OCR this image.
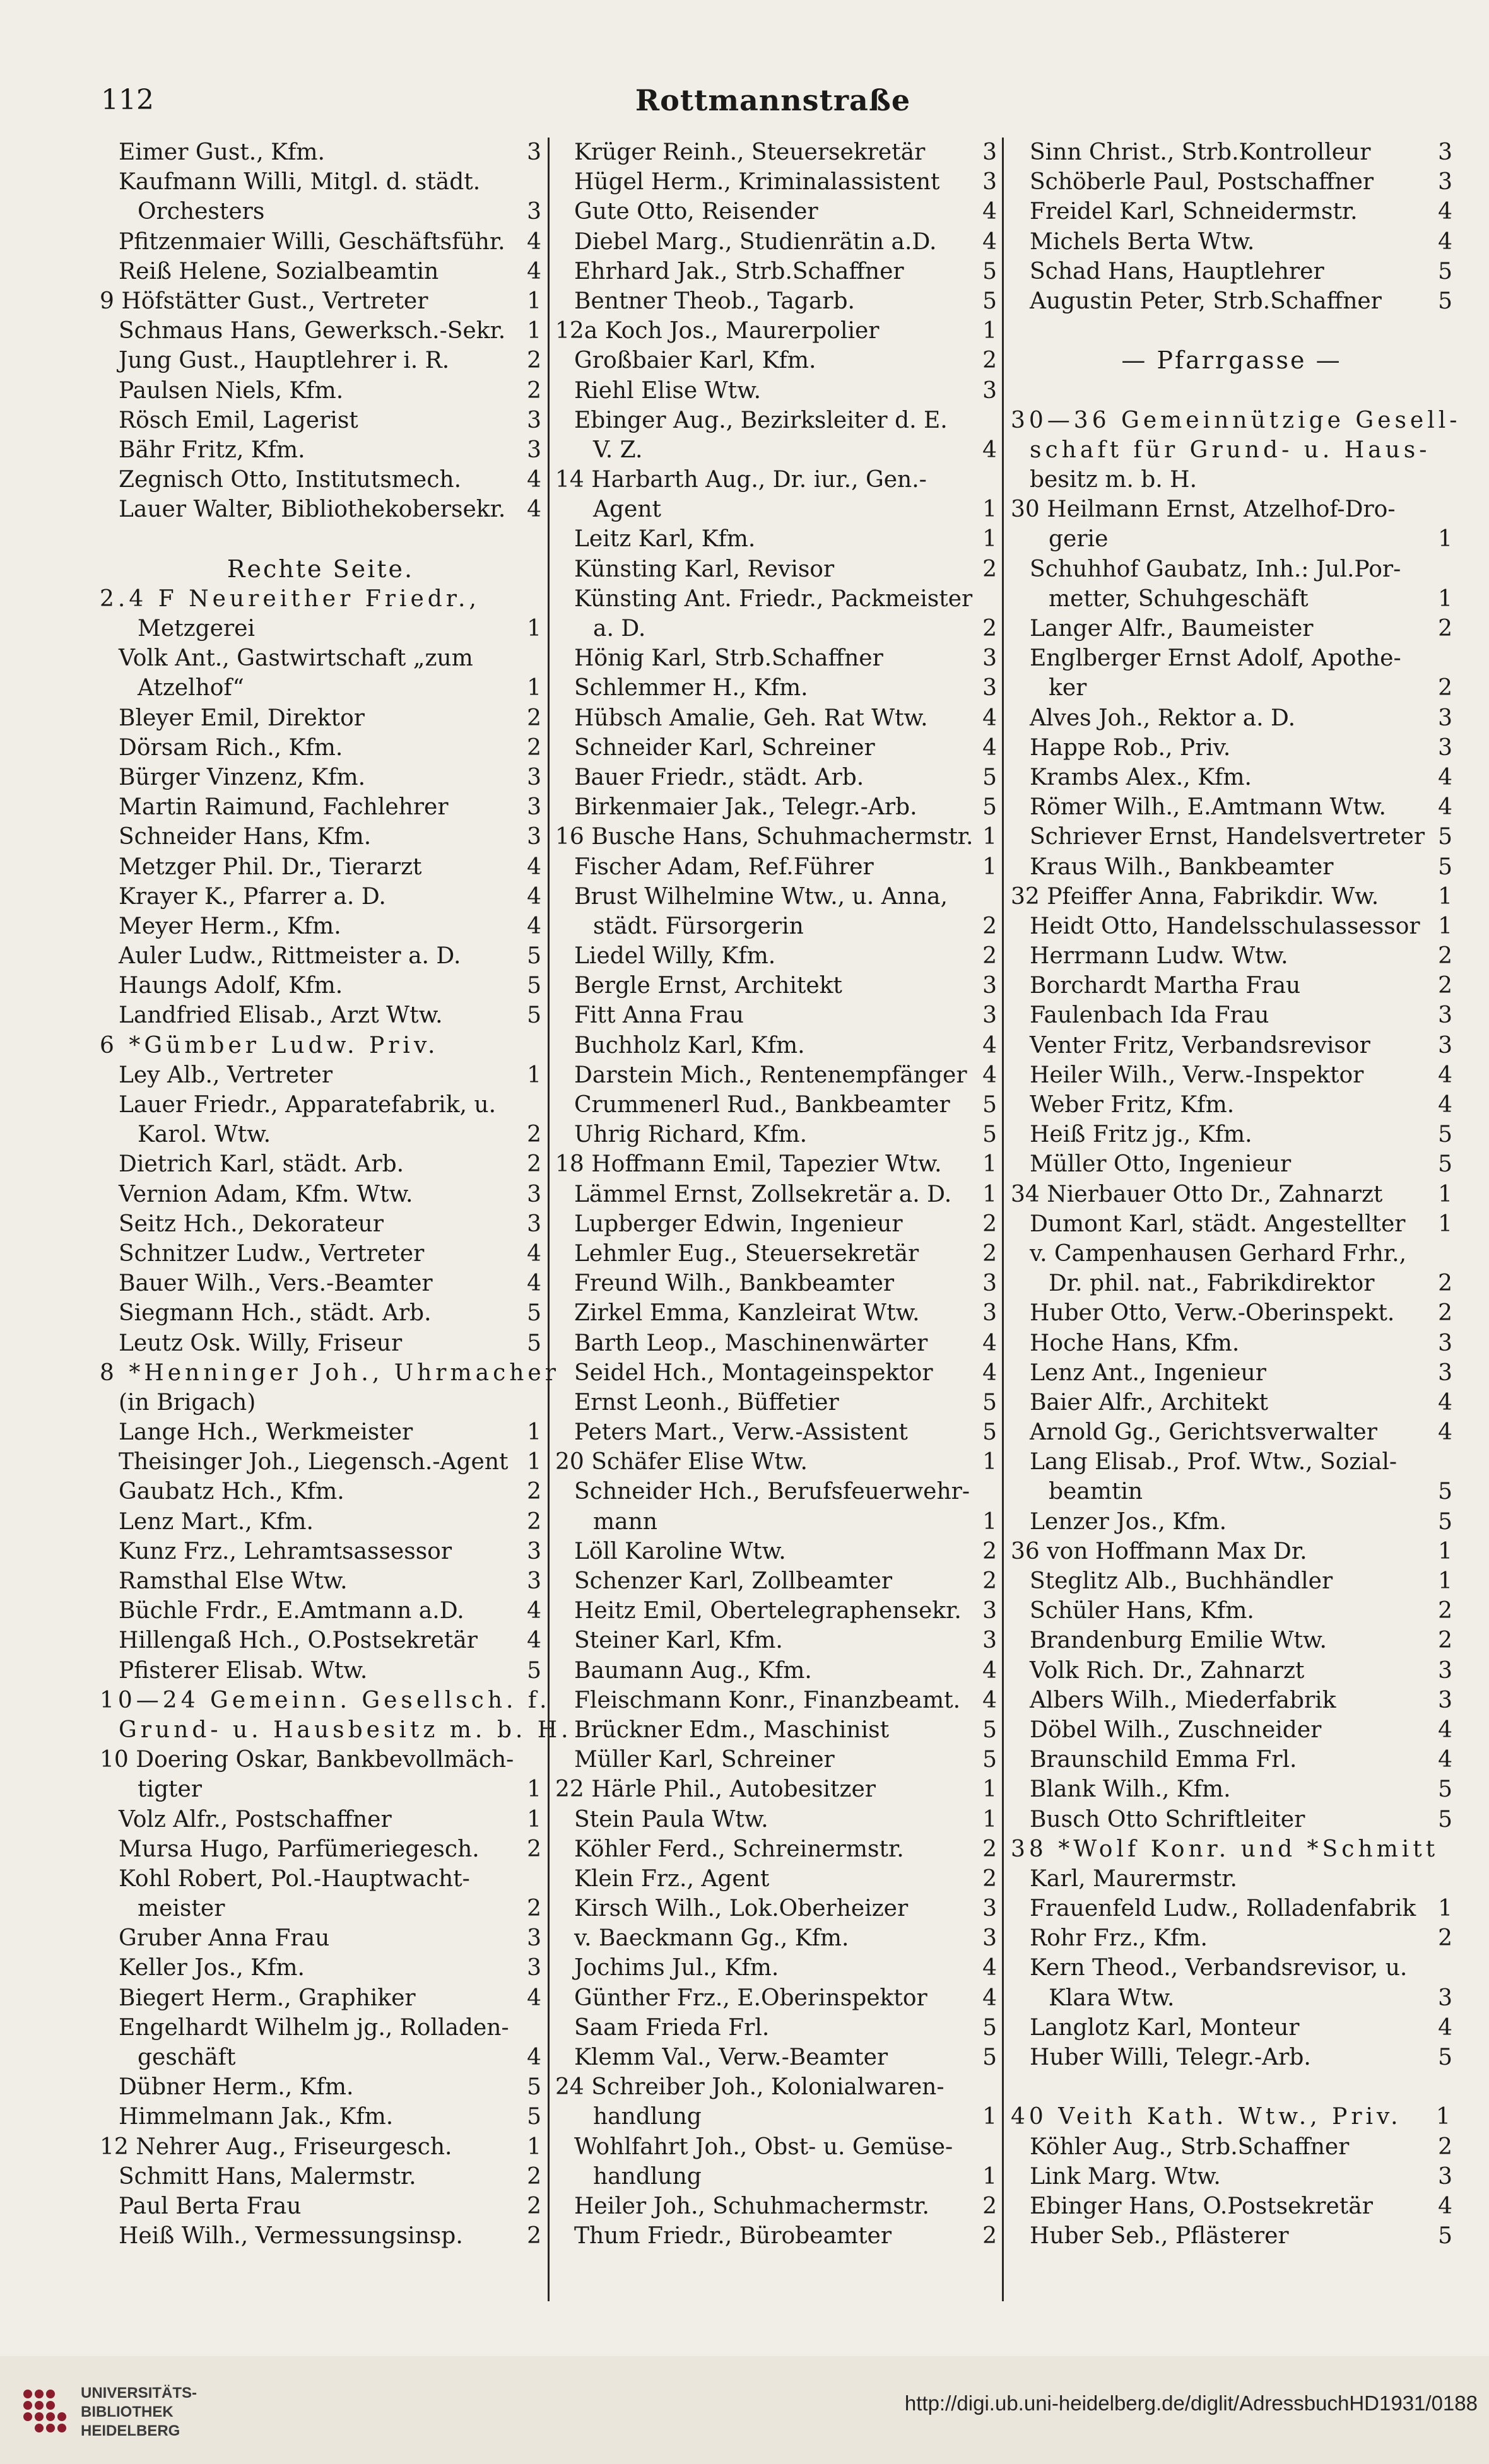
112	Rottmannstraße
Eimer Gust., Kfm.	3
Kaufmann Willi, Mitgl. d. städt.
Orchesters	3
Pfitzenmaier Willi, Geschäftsführ. 4
Reiß Helene, Sozialbeamtin	4
9 Höfstätter Gust., Vertreter	1
Schmaus Hans, Gewerksch.-Sekr. 1
Jung Gust., Hauptlehrer i. R.	2
Paulsen Niels, Kfm.	2
Rösch Emil, Lagerist	3
Bähr Fritz, Kfm.	3
Zegnisch Otto, Institutsmech.	4
Lauer Walter, Bibliothekobersekr. 4
Rechte Seite.
2.4 F Neureither Friedr.,
Metzgerei	1
Volk Ant., Gastwirtschaft „zum
Atzelhof“	1
Bleyer Emil, Direktor	2
Dörsam Rich., Kfm.	2
Bürger Vinzenz, Kfm.	3
Martin Raimund, Fachlehrer	3
Schneider Hans, Kfm.	3
Metzger Phil. Dr., Tierarzt	4
Krayer K., Pfarrer a. D.	4
Meyer Herm., Kfm.	4
Auler Ludw., Rittmeister a. D.	5
Haungs Adolf, Kfm.	5
Landfried Elisab., Arzt Wtw.	5
6 *Gümber Ludw. Priv.
Ley Alb., Vertreter	1
Lauer Friedr., Apparatefabrik, u.
Karol. Wtw.	2
Dietrich Karl, städt. Arb.	2
Vernion Adam, Kfm. Wtw.	3
Seitz Hch., Dekorateur	3
Schnitzer Ludw., Vertreter	4
Bauer Wilh., Vers.-Beamter	4
Siegmann Hch., städt. Arb.	5
Leutz Osk. Willy, Friseur	5
8 *Henninger Joh., Uhrmacher
(in Brigach)
Lange Hch., Werkmeister	1
Theisinger Joh., Liegensch.-Agent 1
Gaubatz Hch., Kfm.	2
Lenz Mart., Kfm.	2
Kunz Frz., Lehramtsassessor	3
Ramsthal Else Wtw.	3
Büchle Frdr., E.Amtmann a.D.	4
Hillengaß Hch., O.Postsekretär 4
Pfisterer Elisab. Wtw.	5
10—24 Gemeinn. Gesellsch. f.
Grund- u. Hausbesitz m. b. H.
10 Doering Oskar, Bankbevollmäch-
tigter	1
Volz Alfr., Postschaffner	1
Mursa Hugo, Parfümeriegesch. 2
Kohl Robert, Pol.-Hauptwacht-
meister	2
Gruber Anna Frau	3
Keller Jos., Kfm.	3
Biegert Herm., Graphiker	4
Engelhardt Wilhelm jg., Rolladen-
geschäft	4
Dübner Herm., Kfm.	5
Himmelmann Jak., Kfm.	5
12 Nehrer Aug., Friseurgesch.	1
Schmitt Hans, Malermstr.	2
Paul Berta Frau	2
Heiß Wilh., Vermessungsinsp.	2
Krüger Reinh., Steuersekretär	3
Hügel Herm., Kriminalassistent 3
Gute Otto, Reisender	4
Diebel Marg., Studienrätin a.D. 4
Ehrhard Jak., Strb.Schaffner	5
Bentner Theob., Tagarb.	5
12a Koch Jos., Maurerpolier	1
Großbaier Karl, Kfm.	2
Riehl Elise Wtw.	3
Ebinger Aug., Bezirksleiter d. E.
V. Z.	4
14 Harbarth Aug., Dr. iur., Gen.-
Agent	1
Leitz Karl, Kfm.	1
Künsting Karl, Revisor	2
Künsting Ant. Friedr., Packmeister
a. D.	2
Hönig Karl, Strb.Schaffner	3
Schlemmer H., Kfm.	3
Hübsch Amalie, Geh. Rat Wtw. 4
Schneider Karl, Schreiner	4
Bauer Friedr., städt. Arb.	5
Birkenmaier Jak., Telegr.-Arb.	5
16 Busche Hans, Schuhmachermstr. 1
Fischer Adam, Ref.Führer	1
Brust Wilhelmine Wtw., u. Anna,
städt. Fürsorgerin	2
Liedel Willy, Kfm.	2
Bergle Ernst, Architekt	3
Fitt Anna Frau	3
Buchholz Karl, Kfm.	4
Darstein Mich., Rentenempfänger 4
Crummenerl Rud., Bankbeamter 5
Uhrig Richard, Kfm.	5
18 Hoffmann Emil, Tapezier Wtw. 1
Lämmel Ernst, Zollsekretär a. D. 1
Lupberger Edwin, Ingenieur	2
Lehmler Eug., Steuersekretär	2
Freund Wilh., Bankbeamter	3
Zirkel Emma, Kanzleirat Wtw.	3
Barth Leop., Maschinenwärter 4
Seidel Hch., Montageinspektor 4
Ernst Leonh., Büffetier	5
Peters Mart., Verw.-Assistent	5
20 Schäfer Elise Wtw.	1
Schneider Hch., Berufsfeuerwehr-
mann	1
Löll Karoline Wtw.	2
Schenzer Karl, Zollbeamter	2
Heitz Emil, Obertelegraphensekr. 3
Steiner Karl, Kfm.	3
Baumann Aug., Kfm.	4
Fleischmann Konr., Finanzbeamt. 4
Brückner Edm., Maschinist	5
Müller Karl, Schreiner	5
22 Härle Phil., Autobesitzer	1
Stein Paula Wtw.	1
Köhler Ferd., Schreinermstr.	2
Klein Frz., Agent	2
Kirsch Wilh., Lok.Oberheizer	3
v. Baeckmann Gg., Kfm.	3
Jochims Jul., Kfm.	4
Günther Frz., E.Oberinspektor 4
Saam Frieda Frl.	5
Klemm Val., Verw.-Beamter	5
24 Schreiber Joh., Kolonialwaren-
handlung	1
Wohlfahrt Joh., Obst- u. Gemüse-
handlung	1
Heiler Joh., Schuhmachermstr. 2
Thum Friedr., Bürobeamter	2
Sinn Christ., Strb.Kontrolleur	3
Schöberle Paul, Postschaffner	3
Freidel Karl, Schneidermstr.	4
Michels Berta Wtw.	4
Schad Hans, Hauptlehrer	5
Augustin Peter, Strb.Schaffner 5
— Pfarrgasse —
30—36 Gemeinnützige Gesell-
schaft für Grund- u. Haus-
besitz m. b. H.
30 Heilmann Ernst, Atzelhof-Dro-
gerie	1
Schuhhof Gaubatz, Inh.: Jul.Por-
metter, Schuhgeschäft	1
Langer Alfr., Baumeister	2
Englberger Ernst Adolf, Apothe-
ker	2
Alves Joh., Rektor a. D.	3
Happe Rob., Priv.	3
Krambs Alex., Kfm.	4
Römer Wilh., E.Amtmann Wtw. 4
Schriever Ernst, Handelsvertreter 5
Kraus Wilh., Bankbeamter	5
32 Pfeiffer Anna, Fabrikdir. Ww.	1
Heidt Otto, Handelsschulassessor 1
Herrmann Ludw. Wtw.	2
Borchardt Martha Frau	2
Faulenbach Ida Frau	3
Venter Fritz, Verbandsrevisor	3
Heiler Wilh., Verw.-Inspektor	4
Weber Fritz, Kfm.	4
Heiß Fritz jg., Kfm.	5
Müller Otto, Ingenieur	5
34 Nierbauer Otto Dr., Zahnarzt 1
Dumont Karl, städt. Angestellter 1
v. Campenhausen Gerhard Frhr.,
Dr. phil. nat., Fabrikdirektor	2
Huber Otto, Verw.-Oberinspekt. 2
Hoche Hans, Kfm.	3
Lenz Ant., Ingenieur	3
Baier Alfr., Architekt	4
Arnold Gg., Gerichtsverwalter	4
Lang Elisab., Prof. Wtw., Sozial-
beamtin	5
Lenzer Jos., Kfm.	5
36 von Hoffmann Max Dr.	1
Steglitz Alb., Buchhändler	1
Schüler Hans, Kfm.	2
Brandenburg Emilie Wtw.	2
Volk Rich. Dr., Zahnarzt	3
Albers Wilh., Miederfabrik	3
Döbel Wilh., Zuschneider	4
Braunschild Emma Frl.	4
Blank Wilh., Kfm.	5
Busch Otto Schriftleiter	5
38 *Wolf Konr. und *Schmitt
Karl, Maurermstr.
Frauenfeld Ludw., Rolladenfabrik 1
Rohr Frz., Kfm.	2
Kern Theod., Verbandsrevisor, u.
Klara Wtw.	3
Langlotz Karl, Monteur	4
Huber Willi, Telegr.-Arb.	5
40 Veith Kath. Wtw., Priv. 1
Köhler Aug., Strb.Schaffner	2
Link Marg. Wtw.	3
Ebinger Hans, O.Postsekretär	4
Huber Seb., Pflästerer	5
UNIVERSITÄTS-
BIBLIOTHEK
HEIDELBERG
http://digi.ub.uni-heidelberg.de/diglit/AdressbuchHD1931/0188
